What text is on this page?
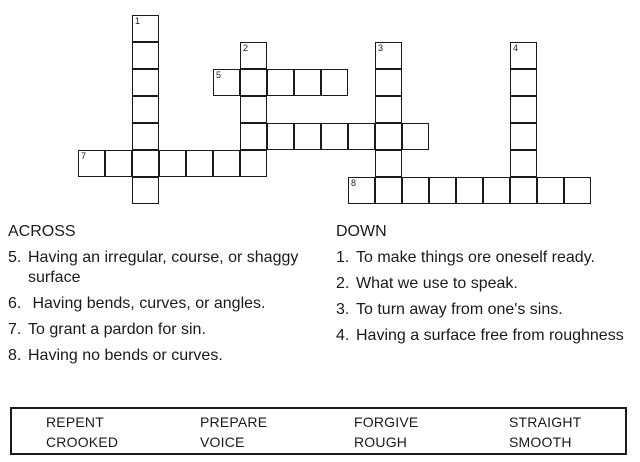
1
2
5
7
3	4
8
ACROSS
5. Having an irregular, course, or shaggy surface
6. Having bends, curves, or angles.
7. To grant a pardon for sin.
8. Having no bends or curves.
DOWN
1. To make things ore oneself ready.
2. What we use to speak.
3. To turn away from one's sins.
4. Having a surface free from roughness
REPENT	PREPARE	FORGIVE	STRAIGHT
CROOKED	VOICE	ROUGH	SMOOTH
